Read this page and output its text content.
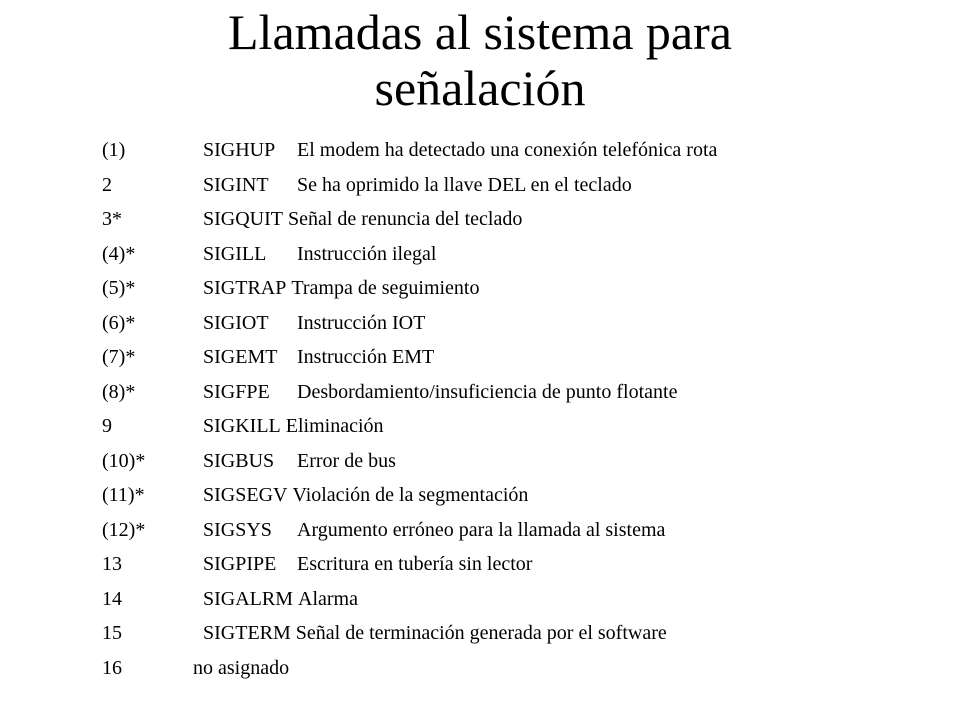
Llamadas al sistema para
señalación
(1)	SIGHUP El modem ha detectado una conexión telefónica rota
2	SIGINT Se ha oprimido la llave DEL en el teclado
3*	SIGQUIT Señal de renuncia del teclado
(4)*	SIGILL Instrucción ilegal
(5)*	SIGTRAP Trampa de seguimiento
(6)*	SIGIOT Instrucción IOT
(7)*	SIGEMT Instrucción EMT
(8)*	SIGFPE Desbordamiento/insuficiencia de punto flotante
9	SIGKILL Eliminación
(10)*	SIGBUS Error de bus
(11)*	SIGSEGV Violación de la segmentación
(12)*	SIGSYS Argumento erróneo para la llamada al sistema
13	SIGPIPE Escritura en tubería sin lector
14	SIGALRM Alarma
15	SIGTERM Señal de terminación generada por el software
16	no asignado
